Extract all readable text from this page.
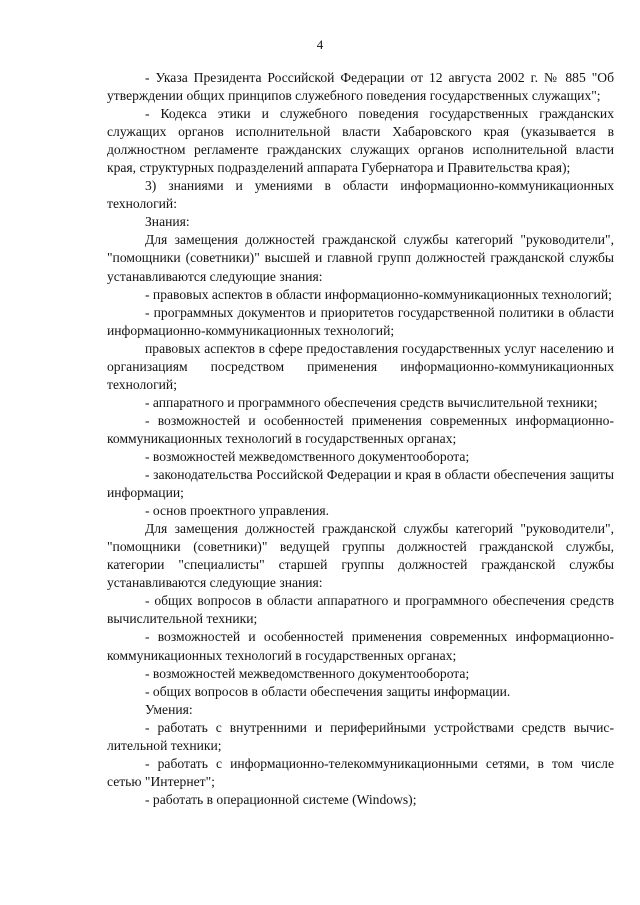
4

- Указа Президента Российской Федерации от 12 августа 2002 г. № 885 "Об утверждении общих принципов служебного поведения государственных служащих";

- Кодекса этики и служебного поведения государственных гражданских служащих органов исполнительной власти Хабаровского края (указывается в должностном регламенте гражданских служащих органов исполнительной власти края, структурных подразделений аппарата Губернатора и Правительства края);

3) знаниями и умениями в области информационно-коммуникационных технологий:

Знания:

Для замещения должностей гражданской службы категорий "руководители", "помощники (советники)" высшей и главной групп должностей гражданской службы устанавливаются следующие знания:

- правовых аспектов в области информационно-коммуникационных технологий;

- программных документов и приоритетов государственной политики в области информационно-коммуникационных технологий;

правовых аспектов в сфере предоставления государственных услуг населению и организациям посредством применения информационно-коммуникационных технологий;

- аппаратного и программного обеспечения средств вычислительной техники;

- возможностей и особенностей применения современных информационно-коммуникационных технологий в государственных органах;

- возможностей межведомственного документооборота;

- законодательства Российской Федерации и края в области обеспечения защиты информации;

- основ проектного управления.

Для замещения должностей гражданской службы категорий "руководители", "помощники (советники)" ведущей группы должностей гражданской службы, категории "специалисты" старшей группы должностей гражданской службы устанавливаются следующие знания:

- общих вопросов в области аппаратного и программного обеспечения средств вычислительной техники;

- возможностей и особенностей применения современных информационно-коммуникационных технологий в государственных органах;

- возможностей межведомственного документооборота;

- общих вопросов в области обеспечения защиты информации.

Умения:

- работать с внутренними и периферийными устройствами средств вычислительной техники;

- работать с информационно-телекоммуникационными сетями, в том числе сетью "Интернет";

- работать в операционной системе (Windows);
